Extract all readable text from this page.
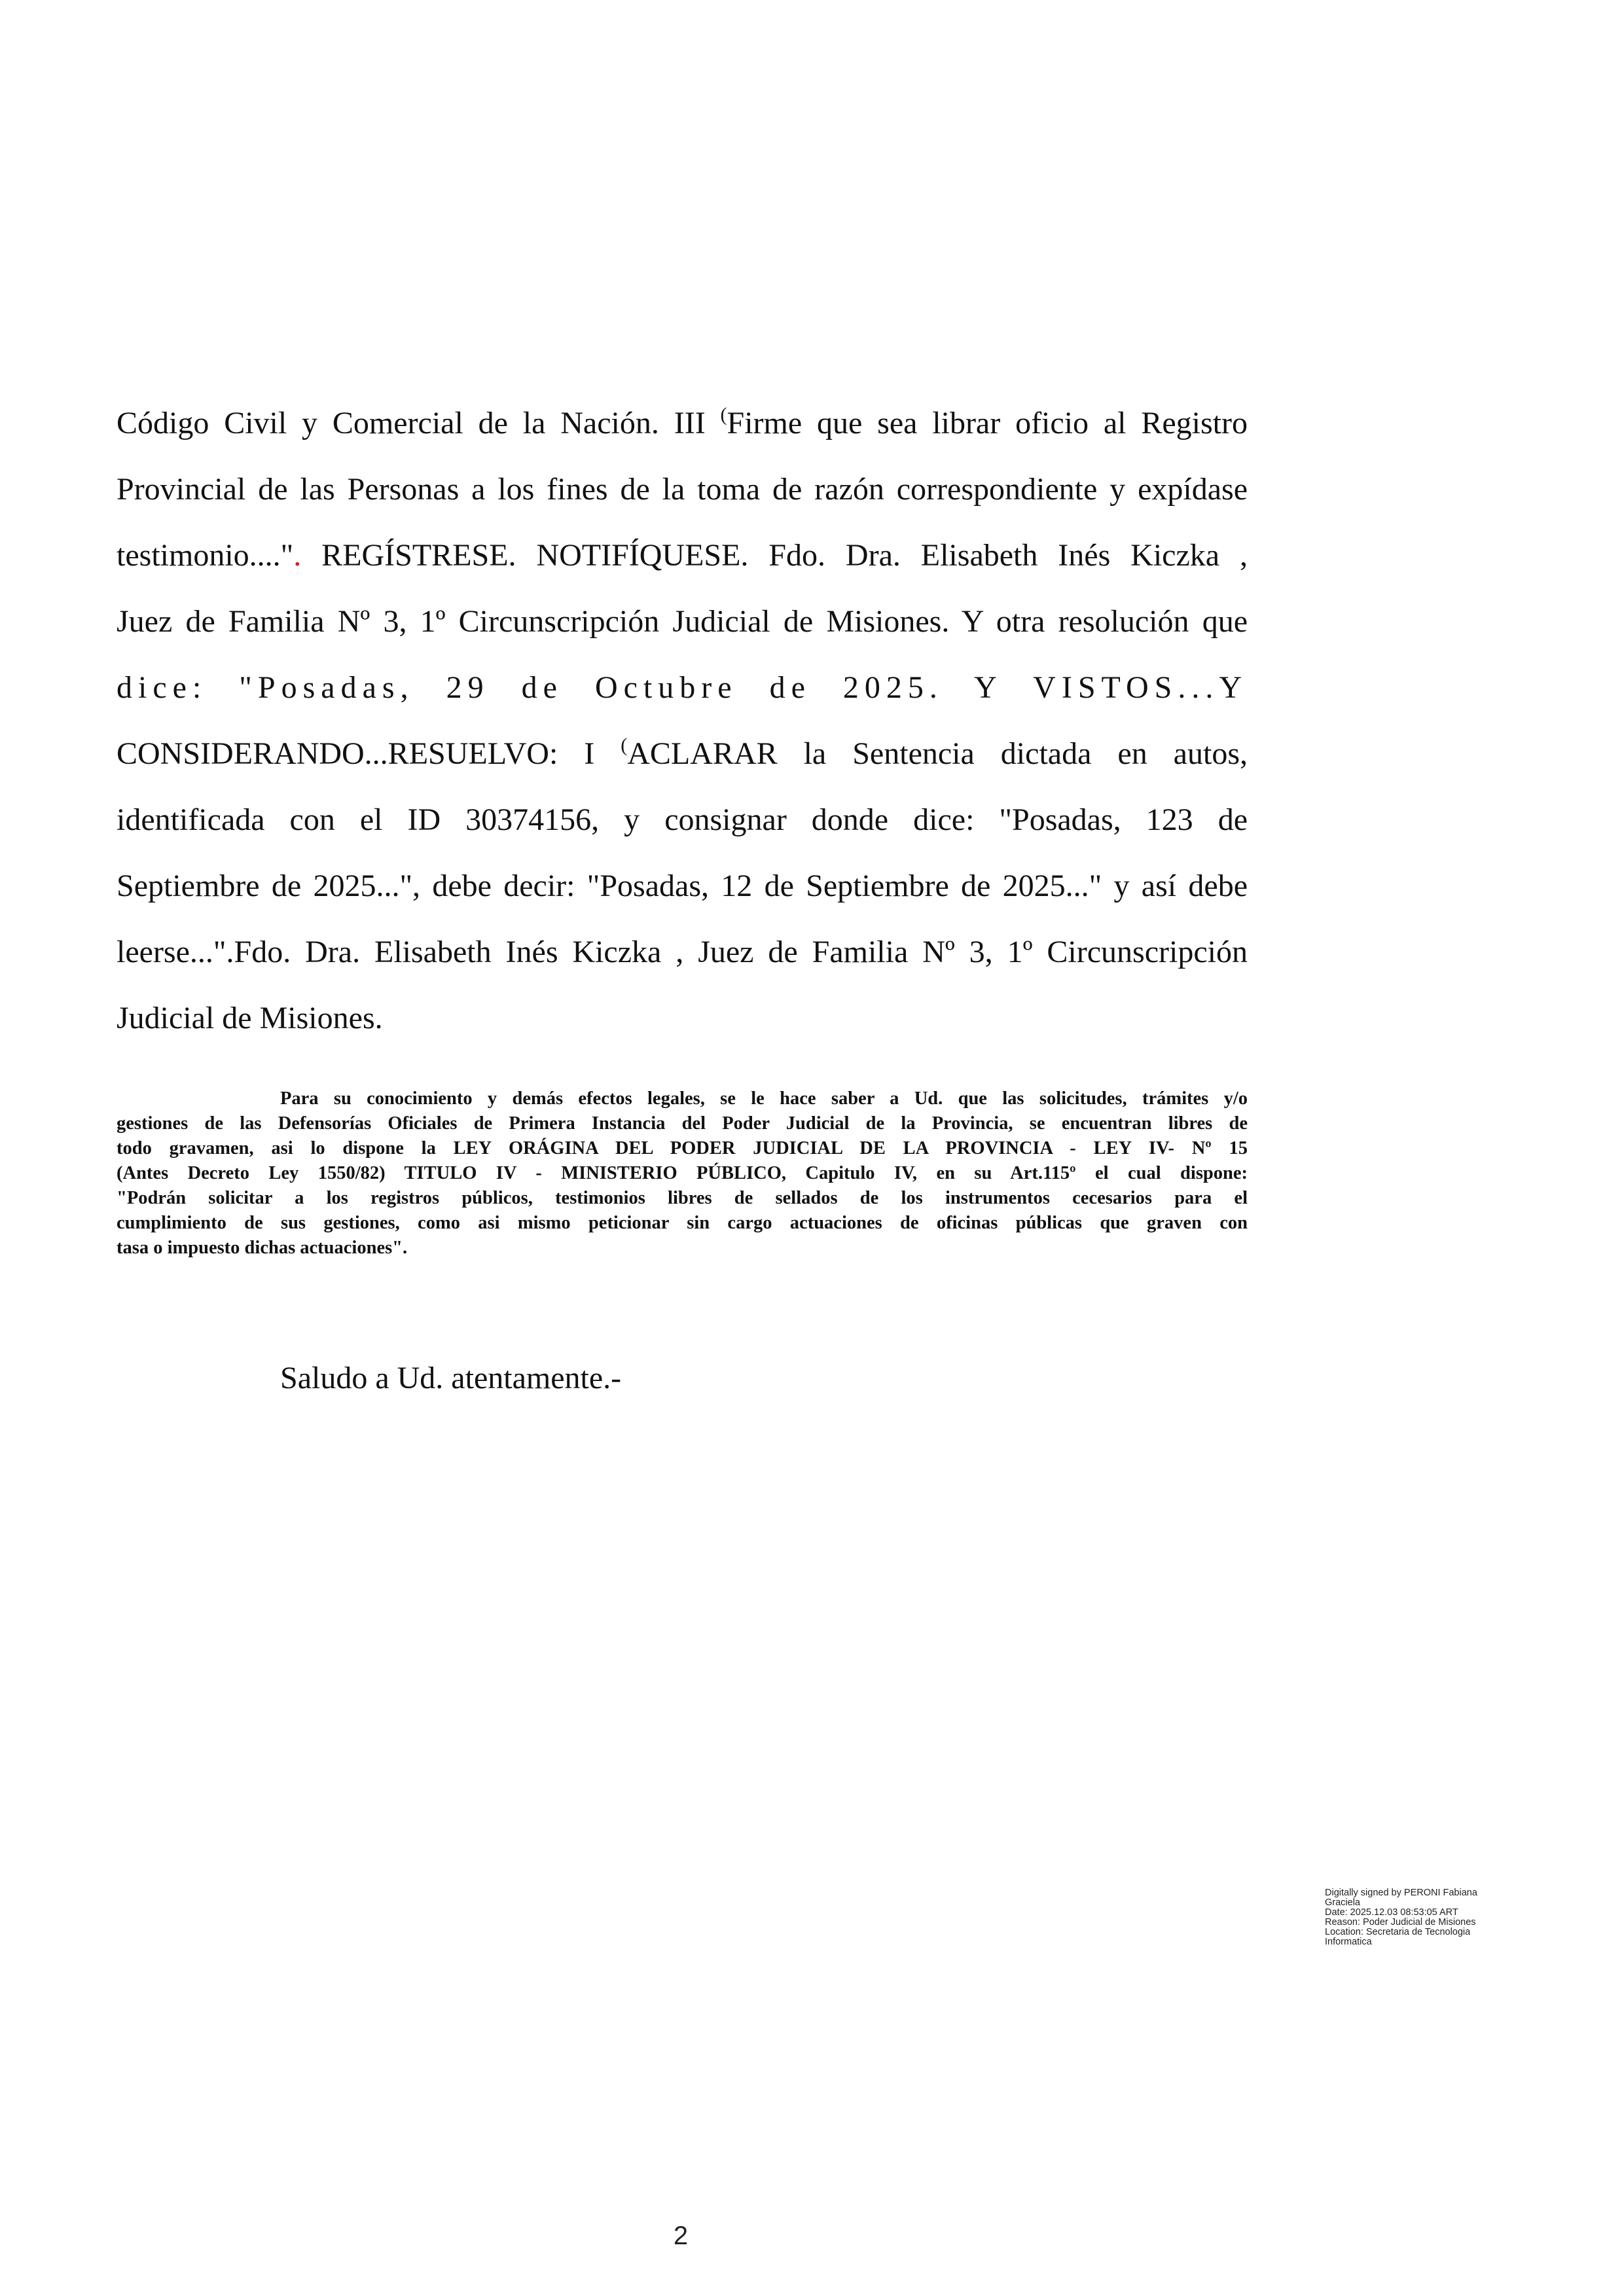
Código Civil y Comercial de la Nación. III (Firme que sea librar oficio al Registro
Provincial de las Personas a los fines de la toma de razón correspondiente y expídase
testimonio....". REGÍSTRESE. NOTIFÍQUESE. Fdo. Dra. Elisabeth Inés Kiczka ,
Juez de Familia Nº 3, 1º Circunscripción Judicial de Misiones. Y otra resolución que
dice: "Posadas, 29 de Octubre de 2025. Y VISTOS...Y
CONSIDERANDO...RESUELVO: I (ACLARAR la Sentencia dictada en autos,
identificada con el ID 30374156, y consignar donde dice: "Posadas, 123 de
Septiembre de 2025...", debe decir: "Posadas, 12 de Septiembre de 2025..." y así debe
leerse...".Fdo. Dra. Elisabeth Inés Kiczka , Juez de Familia Nº 3, 1º Circunscripción
Judicial de Misiones.
Para su conocimiento y demás efectos legales, se le hace saber a Ud. que las solicitudes, trámites y/o
gestiones de las Defensorías Oficiales de Primera Instancia del Poder Judicial de la Provincia, se encuentran libres de
todo gravamen, asi lo dispone la LEY ORÁGINA DEL PODER JUDICIAL DE LA PROVINCIA - LEY IV- Nº 15
(Antes Decreto Ley 1550/82) TITULO IV - MINISTERIO PÚBLICO, Capitulo IV, en su Art.115º el cual dispone:
"Podrán solicitar a los registros públicos, testimonios libres de sellados de los instrumentos cecesarios para el
cumplimiento de sus gestiones, como asi mismo peticionar sin cargo actuaciones de oficinas públicas que graven con
tasa o impuesto dichas actuaciones".
Saludo a Ud. atentamente.-
Digitally signed by PERONI Fabiana
Graciela
Date: 2025.12.03 08:53:05 ART
Reason: Poder Judicial de Misiones
Location: Secretaria de Tecnologia
Informatica
2
